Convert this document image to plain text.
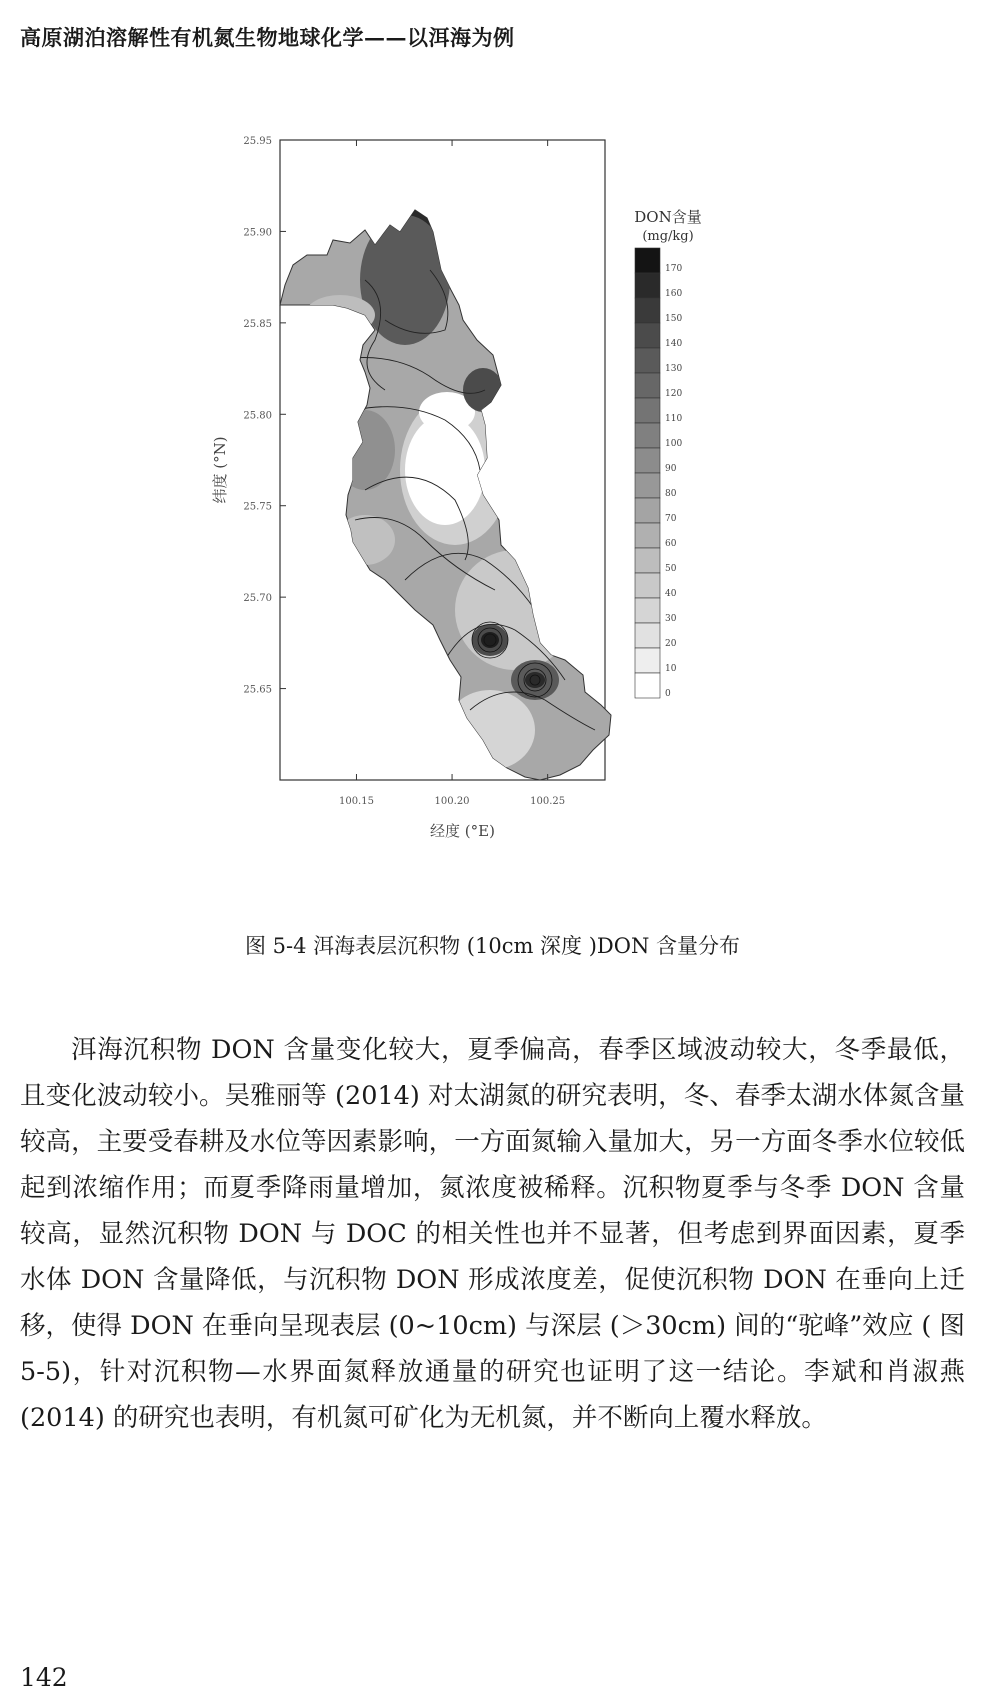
高原湖泊溶解性有机氮生物地球化学——以洱海为例
25.95
25.90
25.85
25.80
25.75
25.70
25.65
100.15	100.20	100.25
经度 (°E)
纬度 (°N)
DON含量
(mg/kg)
170
160
150
140
130
120
110
100
90
80
70
60
50
40
30
20
10
0
图 5-4 洱海表层沉积物 (10cm 深度 )DON 含量分布

洱海沉积物 DON 含量变化较大，夏季偏高，春季区域波动较大，冬季最低，且变化波动较小。吴雅丽等 (2014) 对太湖氮的研究表明，冬、春季太湖水体氮含量较高，主要受春耕及水位等因素影响，一方面氮输入量加大，另一方面冬季水位较低起到浓缩作用；而夏季降雨量增加，氮浓度被稀释。沉积物夏季与冬季 DON 含量较高，显然沉积物 DON 与 DOC 的相关性也并不显著，但考虑到界面因素，夏季水体 DON 含量降低，与沉积物 DON 形成浓度差，促使沉积物 DON 在垂向上迁移，使得 DON 在垂向呈现表层 (0~10cm) 与深层 (＞30cm) 间的“驼峰”效应 ( 图 5-5)，针对沉积物—水界面氮释放通量的研究也证明了这一结论。李斌和肖淑燕 (2014) 的研究也表明，有机氮可矿化为无机氮，并不断向上覆水释放。

142
